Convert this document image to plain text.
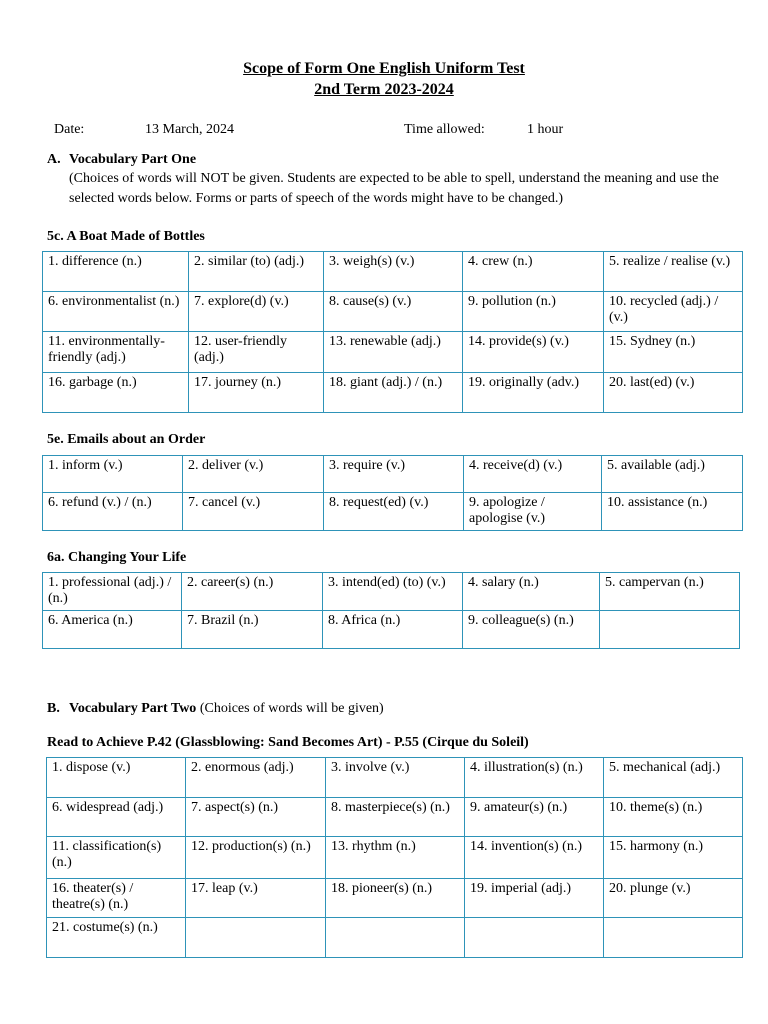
Scope of Form One English Uniform Test
2nd Term 2023-2024
Date:	13 March, 2024	Time allowed:	1 hour
A. Vocabulary Part One
(Choices of words will NOT be given. Students are expected to be able to spell, understand the meaning and use the selected words below. Forms or parts of speech of the words might have to be changed.)
5c. A Boat Made of Bottles
1. difference (n.)	2. similar (to) (adj.)	3. weigh(s) (v.)	4. crew (n.)	5. realize / realise (v.)
6. environmentalist (n.)	7. explore(d) (v.)	8. cause(s) (v.)	9. pollution (n.)	10. recycled (adj.) / (v.)
11. environmentally-friendly (adj.)	12. user-friendly (adj.)	13. renewable (adj.)	14. provide(s) (v.)	15. Sydney (n.)
16. garbage (n.)	17. journey (n.)	18. giant (adj.) / (n.)	19. originally (adv.)	20. last(ed) (v.)
5e. Emails about an Order
1. inform (v.)	2. deliver (v.)	3. require (v.)	4. receive(d) (v.)	5. available (adj.)
6. refund (v.) / (n.)	7. cancel (v.)	8. request(ed) (v.)	9. apologize / apologise (v.)	10. assistance (n.)
6a. Changing Your Life
1. professional (adj.) / (n.)	2. career(s) (n.)	3. intend(ed) (to) (v.)	4. salary (n.)	5. campervan (n.)
6. America (n.)	7. Brazil (n.)	8. Africa (n.)	9. colleague(s) (n.)	
B. Vocabulary Part Two (Choices of words will be given)
Read to Achieve P.42 (Glassblowing: Sand Becomes Art) - P.55 (Cirque du Soleil)
1. dispose (v.)	2. enormous (adj.)	3. involve (v.)	4. illustration(s) (n.)	5. mechanical (adj.)
6. widespread (adj.)	7. aspect(s) (n.)	8. masterpiece(s) (n.)	9. amateur(s) (n.)	10. theme(s) (n.)
11. classification(s) (n.)	12. production(s) (n.)	13. rhythm (n.)	14. invention(s) (n.)	15. harmony (n.)
16. theater(s) / theatre(s) (n.)	17. leap (v.)	18. pioneer(s) (n.)	19. imperial (adj.)	20. plunge (v.)
21. costume(s) (n.)				
